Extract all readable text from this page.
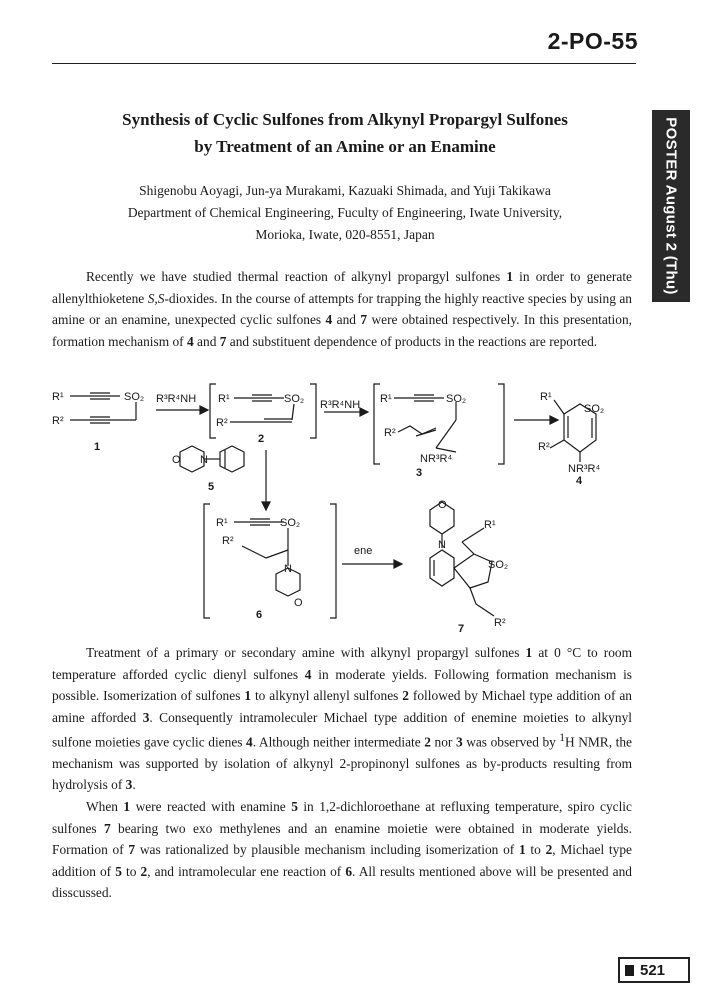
2-PO-55
POSTER August 2 (Thu)
Synthesis of Cyclic Sulfones from Alkynyl Propargyl Sulfones
by Treatment of an Amine or an Enamine
Shigenobu Aoyagi, Jun-ya Murakami, Kazuaki Shimada, and Yuji Takikawa
Department of Chemical Engineering, Fuculty of Engineering, Iwate University,
Morioka, Iwate, 020-8551, Japan

Recently we have studied thermal reaction of alkynyl propargyl sulfones 1 in order to generate allenylthioketene S,S-dioxides. In the course of attempts for trapping the highly reactive species by using an amine or an enamine, unexpected cyclic sulfones 4 and 7 were obtained respectively. In this presentation, formation mechanism of 4 and 7 and substituent dependence of products in the reactions are reported.

R¹
R²
SO₂
1
R³R⁴NH R¹
R²
SO₂
2
R³R⁴NH R¹	SO₂
R²
NR³R⁴
3
R¹
SO₂
R²
NR³R⁴
4
O N
5
R¹	SO₂
R²
N
O
6
ene
O
N
R¹
SO₂
R²
7

Treatment of a primary or secondary amine with alkynyl propargyl sulfones 1 at 0 °C to room temperature afforded cyclic dienyl sulfones 4 in moderate yields. Following formation mechanism is possible. Isomerization of sulfones 1 to alkynyl allenyl sulfones 2 followed by Michael type addition of an amine afforded 3. Consequently intramoleculer Michael type addition of enemine moieties to alkynyl sulfone moieties gave cyclic dienes 4. Although neither intermediate 2 nor 3 was observed by $^1$H NMR, the mechanism was supported by isolation of alkynyl 2-propinonyl sulfones as by-products resulting from hydrolysis of 3.

When 1 were reacted with enamine 5 in 1,2-dichloroethane at refluxing temperature, spiro cyclic sulfones 7 bearing two exo methylenes and an enamine moietie were obtained in moderate yields. Formation of 7 was rationalized by plausible mechanism including isomerization of 1 to 2, Michael type addition of 5 to 2, and intramolecular ene reaction of 6. All results mentioned above will be presented and disscussed.

521
